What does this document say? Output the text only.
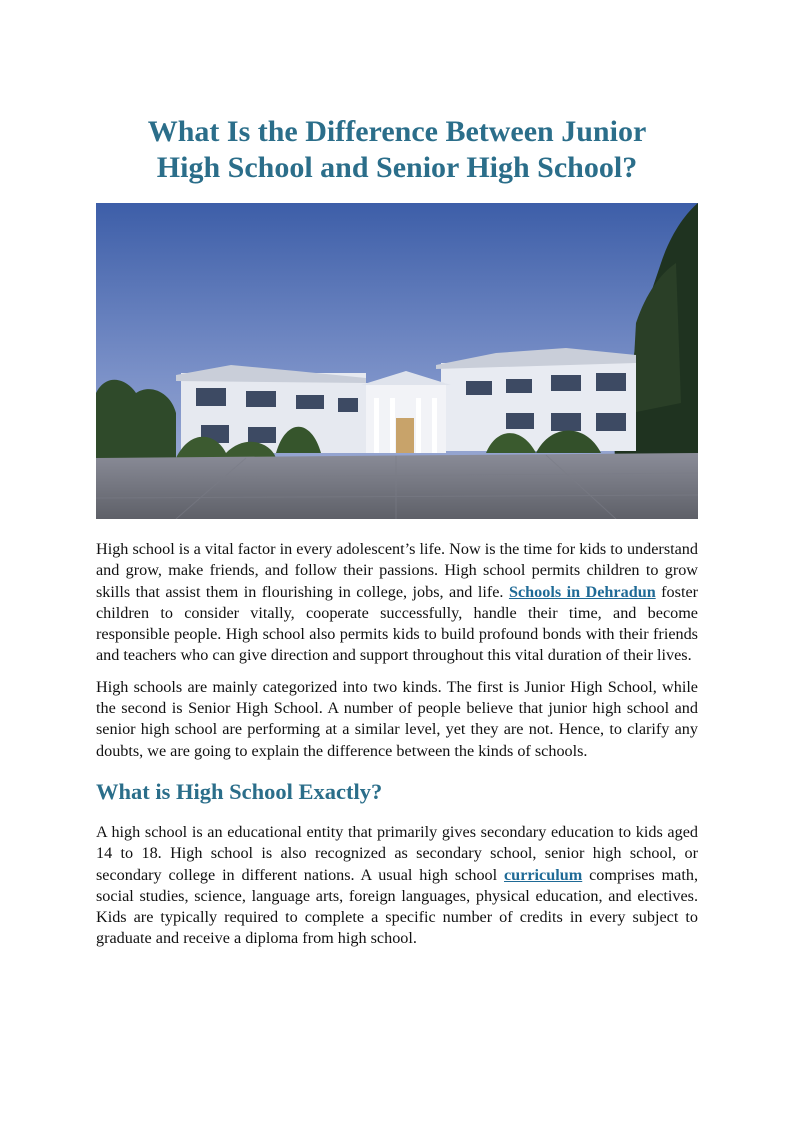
What Is the Difference Between Junior
High School and Senior High School?

High school is a vital factor in every adolescent’s life. Now is the time for kids to understand and grow, make friends, and follow their passions. High school permits children to grow skills that assist them in flourishing in college, jobs, and life. Schools in Dehradun foster children to consider vitally, cooperate successfully, handle their time, and become responsible people. High school also permits kids to build profound bonds with their friends and teachers who can give direction and support throughout this vital duration of their lives.

High schools are mainly categorized into two kinds. The first is Junior High School, while the second is Senior High School. A number of people believe that junior high school and senior high school are performing at a similar level, yet they are not. Hence, to clarify any doubts, we are going to explain the difference between the kinds of schools.

What is High School Exactly?

A high school is an educational entity that primarily gives secondary education to kids aged 14 to 18. High school is also recognized as secondary school, senior high school, or secondary college in different nations. A usual high school curriculum comprises math, social studies, science, language arts, foreign languages, physical education, and electives. Kids are typically required to complete a specific number of credits in every subject to graduate and receive a diploma from high school.
